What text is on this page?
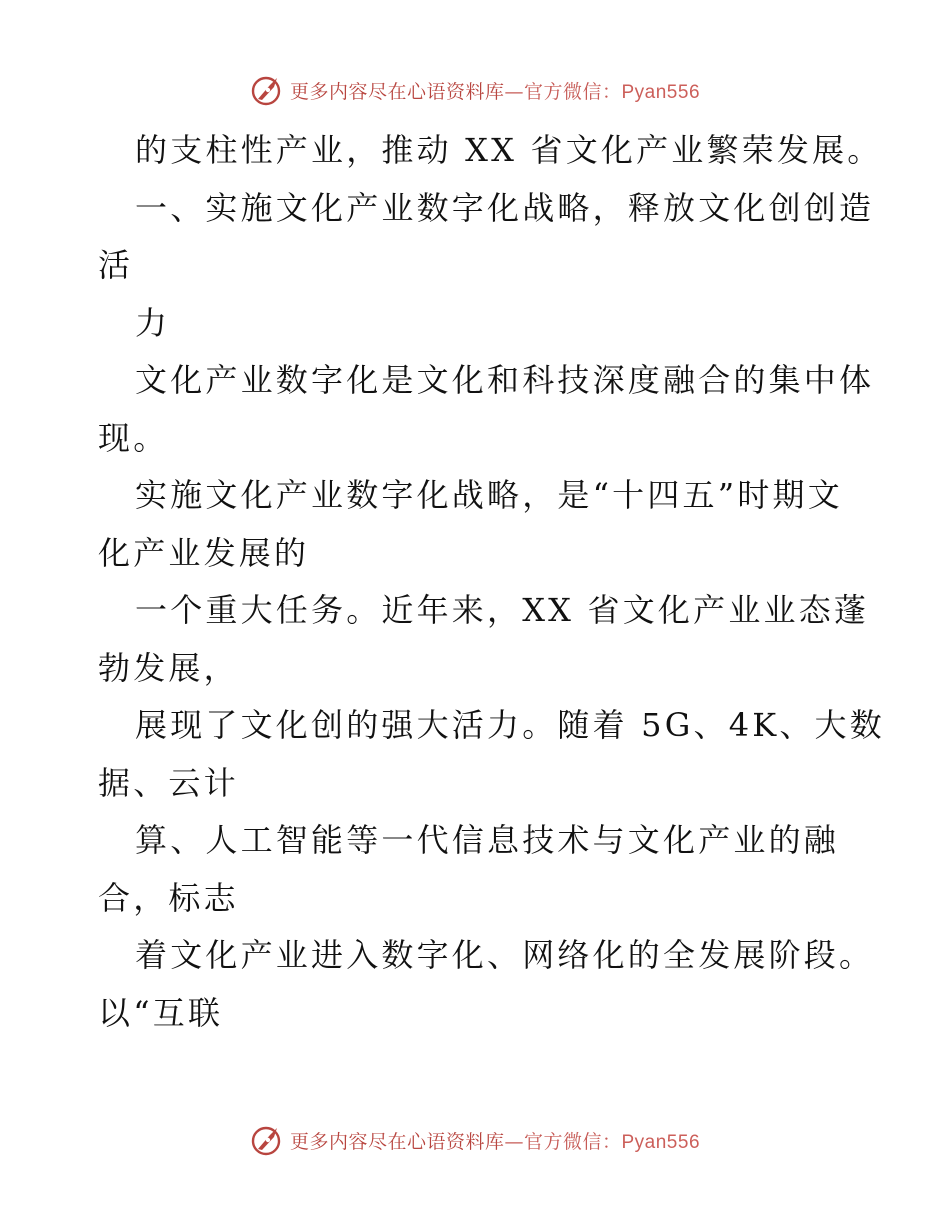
更多内容尽在心语资料库—官方微信：Pyan556
的支柱性产业，推动 XX 省文化产业繁荣发展。
一、实施文化产业数字化战略，释放文化创创造
活
力
文化产业数字化是文化和科技深度融合的集中体
现。
实施文化产业数字化战略，是“十四五”时期文
化产业发展的
一个重大任务。近年来，XX 省文化产业业态蓬
勃发展，
展现了文化创的强大活力。随着 5G、4K、大数
据、云计
算、人工智能等一代信息技术与文化产业的融
合，标志
着文化产业进入数字化、网络化的全发展阶段。
以“互联
更多内容尽在心语资料库—官方微信：Pyan556
